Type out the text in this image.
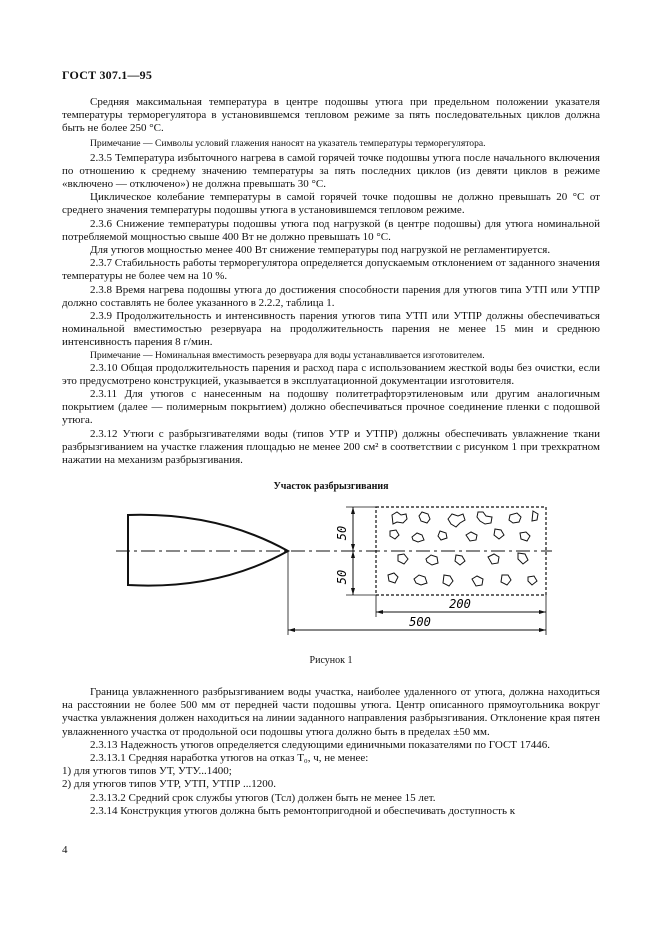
ГОСТ 307.1—95

Средняя максимальная температура в центре подошвы утюга при предельном положении указателя температуры терморегулятора в установившемся тепловом режиме за пять последовательных циклов должна быть не более 250 °С.

Примечание — Символы условий глажения наносят на указатель температуры терморегулятора.

2.3.5 Температура избыточного нагрева в самой горячей точке подошвы утюга после начального включения по отношению к среднему значению температуры за пять последних циклов (из девяти циклов в режиме «включено — отключено») не должна превышать 30 °С.

Циклическое колебание температуры в самой горячей точке подошвы не должно превышать 20 °С от среднего значения температуры подошвы утюга в установившемся тепловом режиме.

2.3.6 Снижение температуры подошвы утюга под нагрузкой (в центре подошвы) для утюга номинальной потребляемой мощностью свыше 400 Вт не должно превышать 10 °С.

Для утюгов мощностью менее 400 Вт снижение температуры под нагрузкой не регламентируется.

2.3.7 Стабильность работы терморегулятора определяется допускаемым отклонением от заданного значения температуры не более чем на 10 %.

2.3.8 Время нагрева подошвы утюга до достижения способности парения для утюгов типа УТП или УТПР должно составлять не более указанного в 2.2.2, таблица 1.

2.3.9 Продолжительность и интенсивность парения утюгов типа УТП или УТПР должны обеспечиваться номинальной вместимостью резервуара на продолжительность парения не менее 15 мин и среднюю интенсивность парения 8 г/мин.

Примечание — Номинальная вместимость резервуара для воды устанавливается изготовителем.

2.3.10 Общая продолжительность парения и расход пара с использованием жесткой воды без очистки, если это предусмотрено конструкцией, указывается в эксплуатационной документации изготовителя.

2.3.11 Для утюгов с нанесенным на подошву политетрафторэтиленовым или другим аналогичным покрытием (далее — полимерным покрытием) должно обеспечиваться прочное соединение пленки с подошвой утюга.

2.3.12 Утюги с разбрызгивателями воды (типов УТР и УТПР) должны обеспечивать увлажнение ткани разбрызгиванием на участке глажения площадью не менее 200 см² в соответствии с рисунком 1 при трехкратном нажатии на механизм разбрызгивания.

Участок разбрызгивания
50
50
200
500
Рисунок 1

Граница увлажненного разбрызгиванием воды участка, наиболее удаленного от утюга, должна находиться на расстоянии не более 500 мм от передней части подошвы утюга. Центр описанного прямоугольника вокруг участка увлажнения должен находиться на линии заданного направления разбрызгивания. Отклонение края пятен увлажненного участка от продольной оси подошвы утюга должно быть в пределах ±50 мм.

2.3.13 Надежность утюгов определяется следующими единичными показателями по ГОСТ 17446.

2.3.13.1 Средняя наработка утюгов на отказ Т₀, ч, не менее:

1) для утюгов типов УТ, УТУ...1400;

2) для утюгов типов УТР, УТП, УТПР ...1200.

2.3.13.2 Средний срок службы утюгов (Тсл) должен быть не менее 15 лет.

2.3.14 Конструкция утюгов должна быть ремонтопригодной и обеспечивать доступность к

4
